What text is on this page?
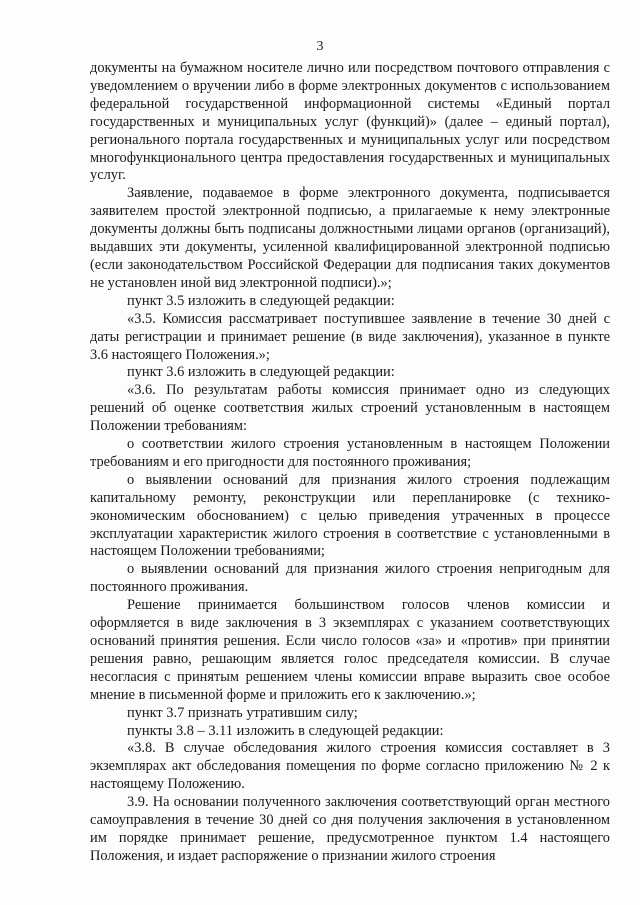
3

документы на бумажном носителе лично или посредством почтового отправления с уведомлением о вручении либо в форме электронных документов с использованием федеральной государственной информационной системы «Единый портал государственных и муниципальных услуг (функций)» (далее – единый портал), регионального портала государственных и муниципальных услуг или посредством многофункционального центра предоставления государственных и муниципальных услуг.

Заявление, подаваемое в форме электронного документа, подписывается заявителем простой электронной подписью, а прилагаемые к нему электронные документы должны быть подписаны должностными лицами органов (организаций), выдавших эти документы, усиленной квалифицированной электронной подписью (если законодательством Российской Федерации для подписания таких документов не установлен иной вид электронной подписи).»;

пункт 3.5 изложить в следующей редакции:

«3.5. Комиссия рассматривает поступившее заявление в течение 30 дней с даты регистрации и принимает решение (в виде заключения), указанное в пункте 3.6 настоящего Положения.»;

пункт 3.6 изложить в следующей редакции:

«3.6. По результатам работы комиссия принимает одно из следующих решений об оценке соответствия жилых строений установленным в настоящем Положении требованиям:

о соответствии жилого строения установленным в настоящем Положении требованиям и его пригодности для постоянного проживания;

о выявлении оснований для признания жилого строения подлежащим капитальному ремонту, реконструкции или перепланировке (с технико-экономическим обоснованием) с целью приведения утраченных в процессе эксплуатации характеристик жилого строения в соответствие с установленными в настоящем Положении требованиями;

о выявлении оснований для признания жилого строения непригодным для постоянного проживания.

Решение принимается большинством голосов членов комиссии и оформляется в виде заключения в 3 экземплярах с указанием соответствующих оснований принятия решения. Если число голосов «за» и «против» при принятии решения равно, решающим является голос председателя комиссии. В случае несогласия с принятым решением члены комиссии вправе выразить свое особое мнение в письменной форме и приложить его к заключению.»;

пункт 3.7 признать утратившим силу;

пункты 3.8 – 3.11 изложить в следующей редакции:

«3.8. В случае обследования жилого строения комиссия составляет в 3 экземплярах акт обследования помещения по форме согласно приложению № 2 к настоящему Положению.

3.9. На основании полученного заключения соответствующий орган местного самоуправления в течение 30 дней со дня получения заключения в установленном им порядке принимает решение, предусмотренное пунктом 1.4 настоящего Положения, и издает распоряжение о признании жилого строения
